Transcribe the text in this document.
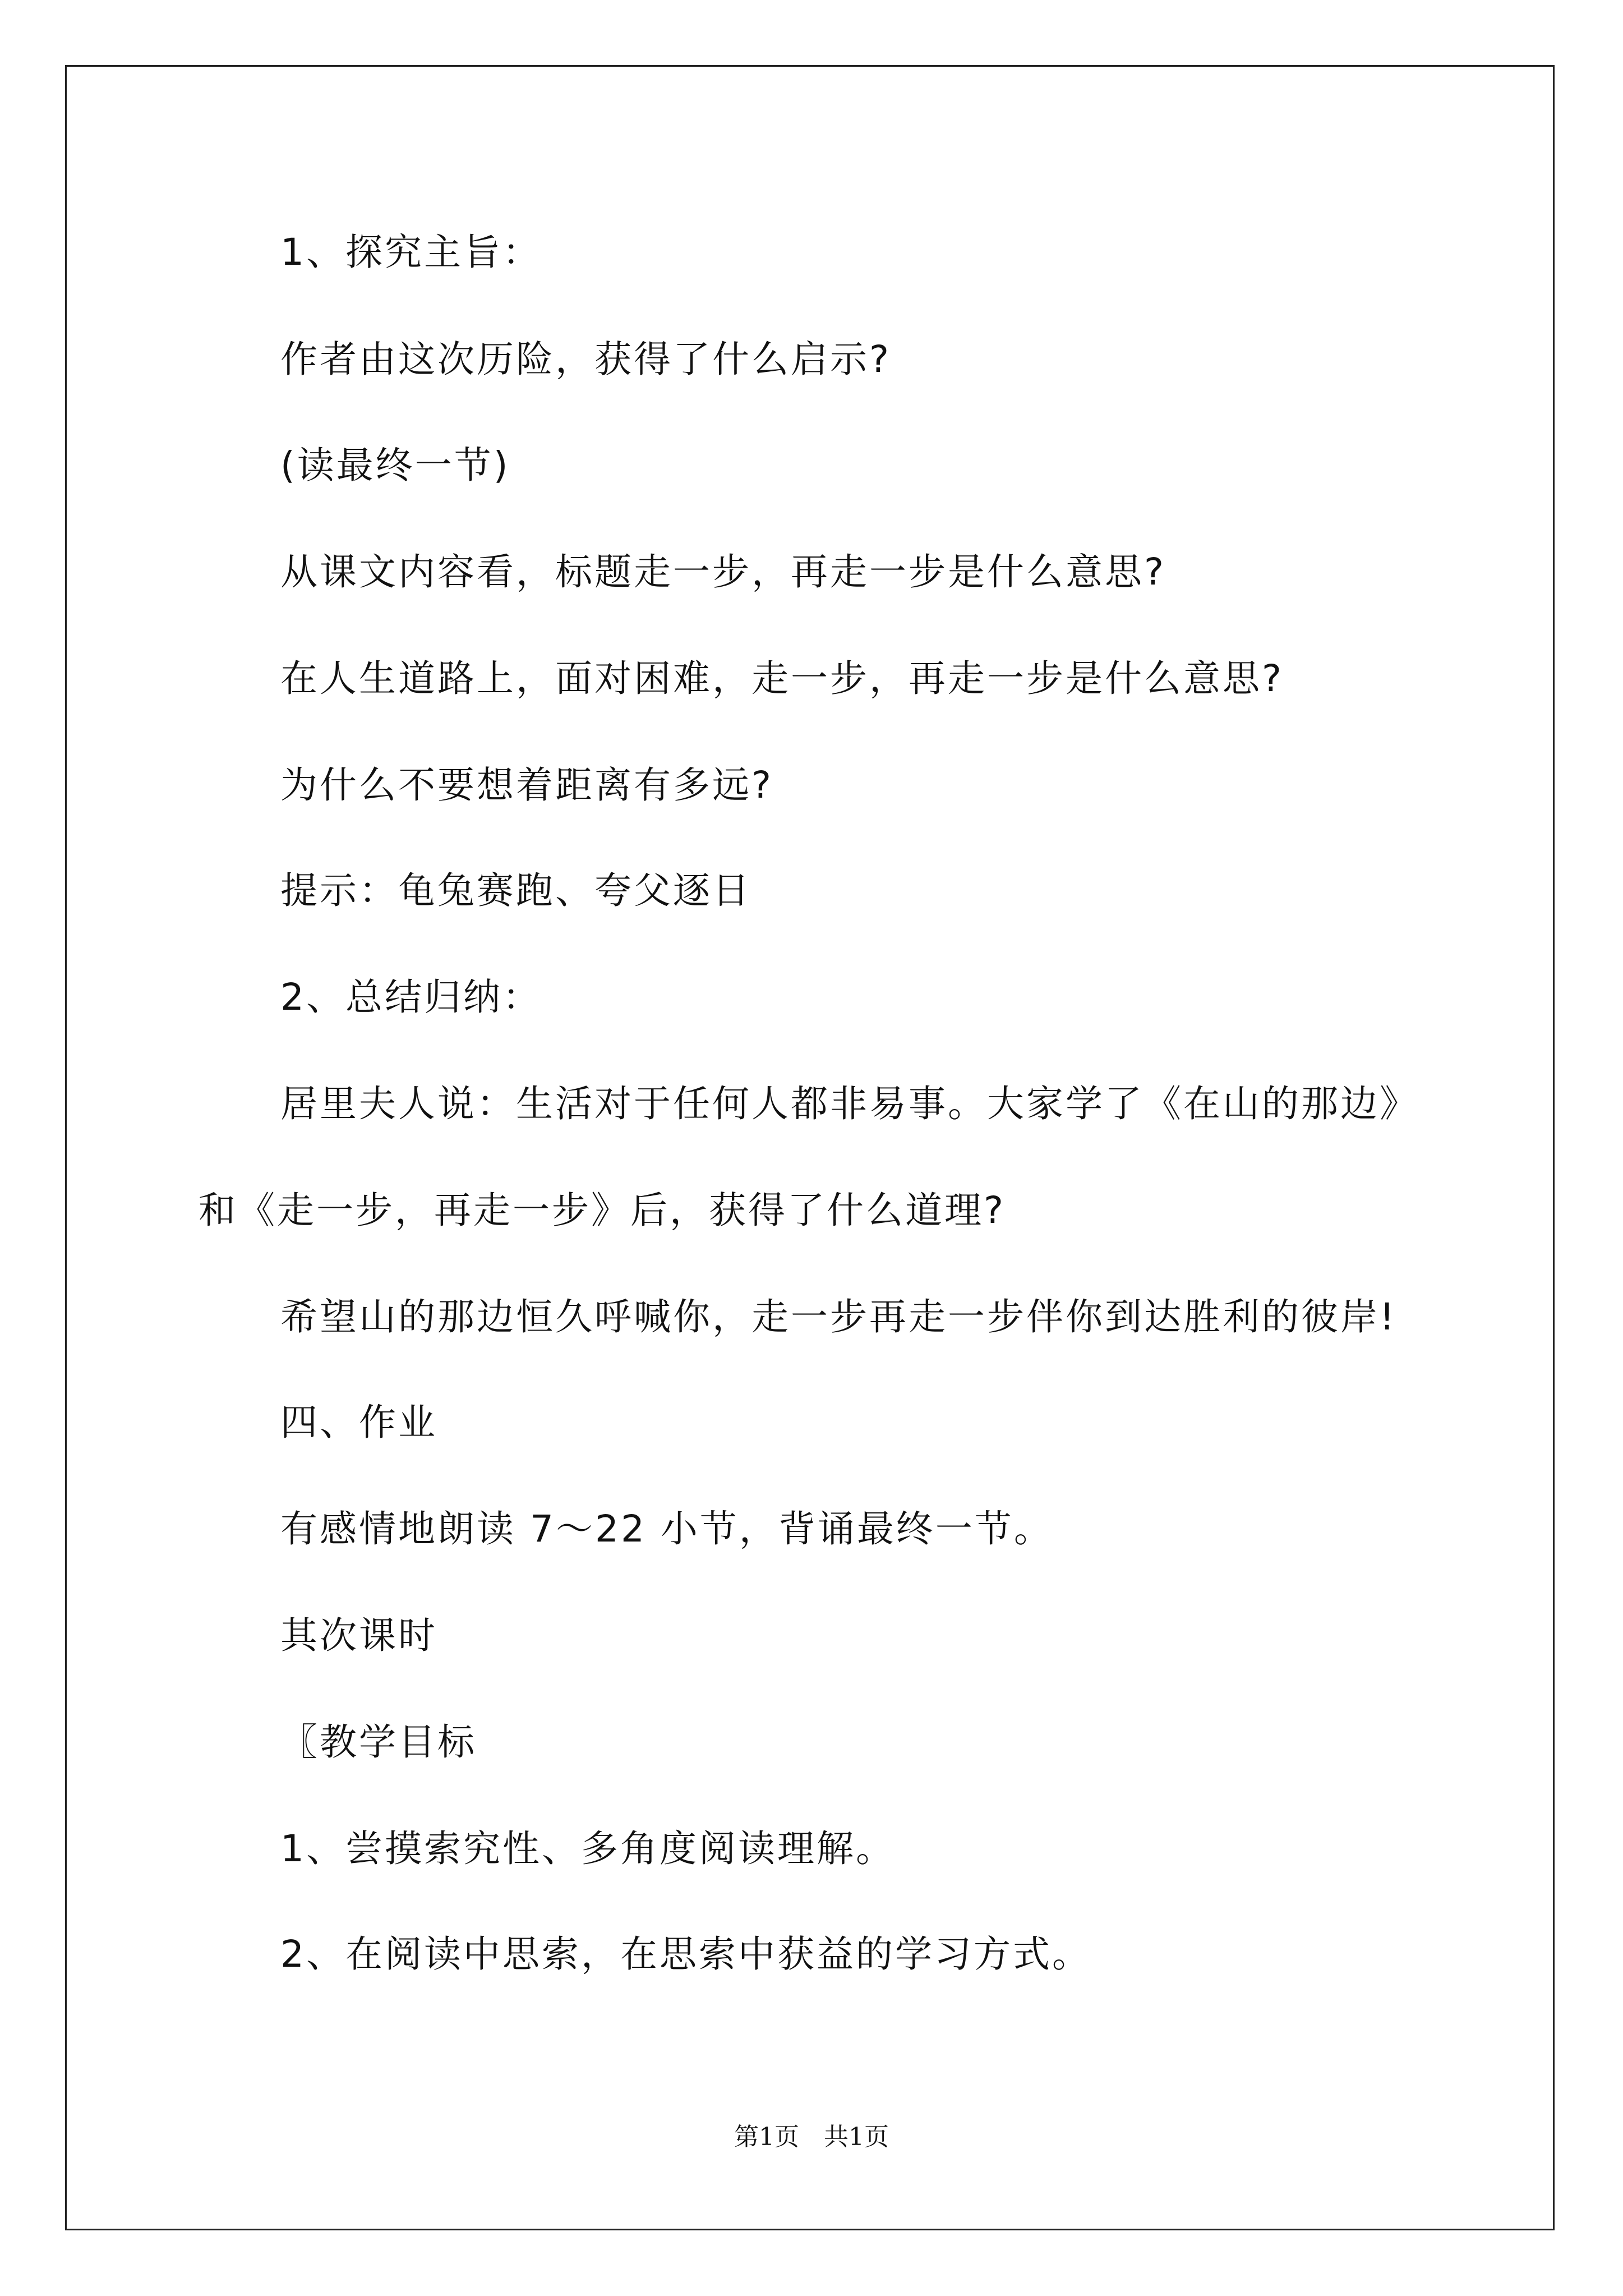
1、探究主旨：
作者由这次历险，获得了什么启示?
(读最终一节)
从课文内容看，标题走一步，再走一步是什么意思?
在人生道路上，面对困难，走一步，再走一步是什么意思?
为什么不要想着距离有多远?
提示：龟兔赛跑、夸父逐日
2、总结归纳：
居里夫人说：生活对于任何人都非易事。大家学了《在山的那边》
和《走一步，再走一步》后，获得了什么道理?
希望山的那边恒久呼喊你，走一步再走一步伴你到达胜利的彼岸!
四、作业
有感情地朗读 7～22 小节，背诵最终一节。
其次课时
〖教学目标
1、尝摸索究性、多角度阅读理解。
2、在阅读中思索，在思索中获益的学习方式。
第1页　共1页
